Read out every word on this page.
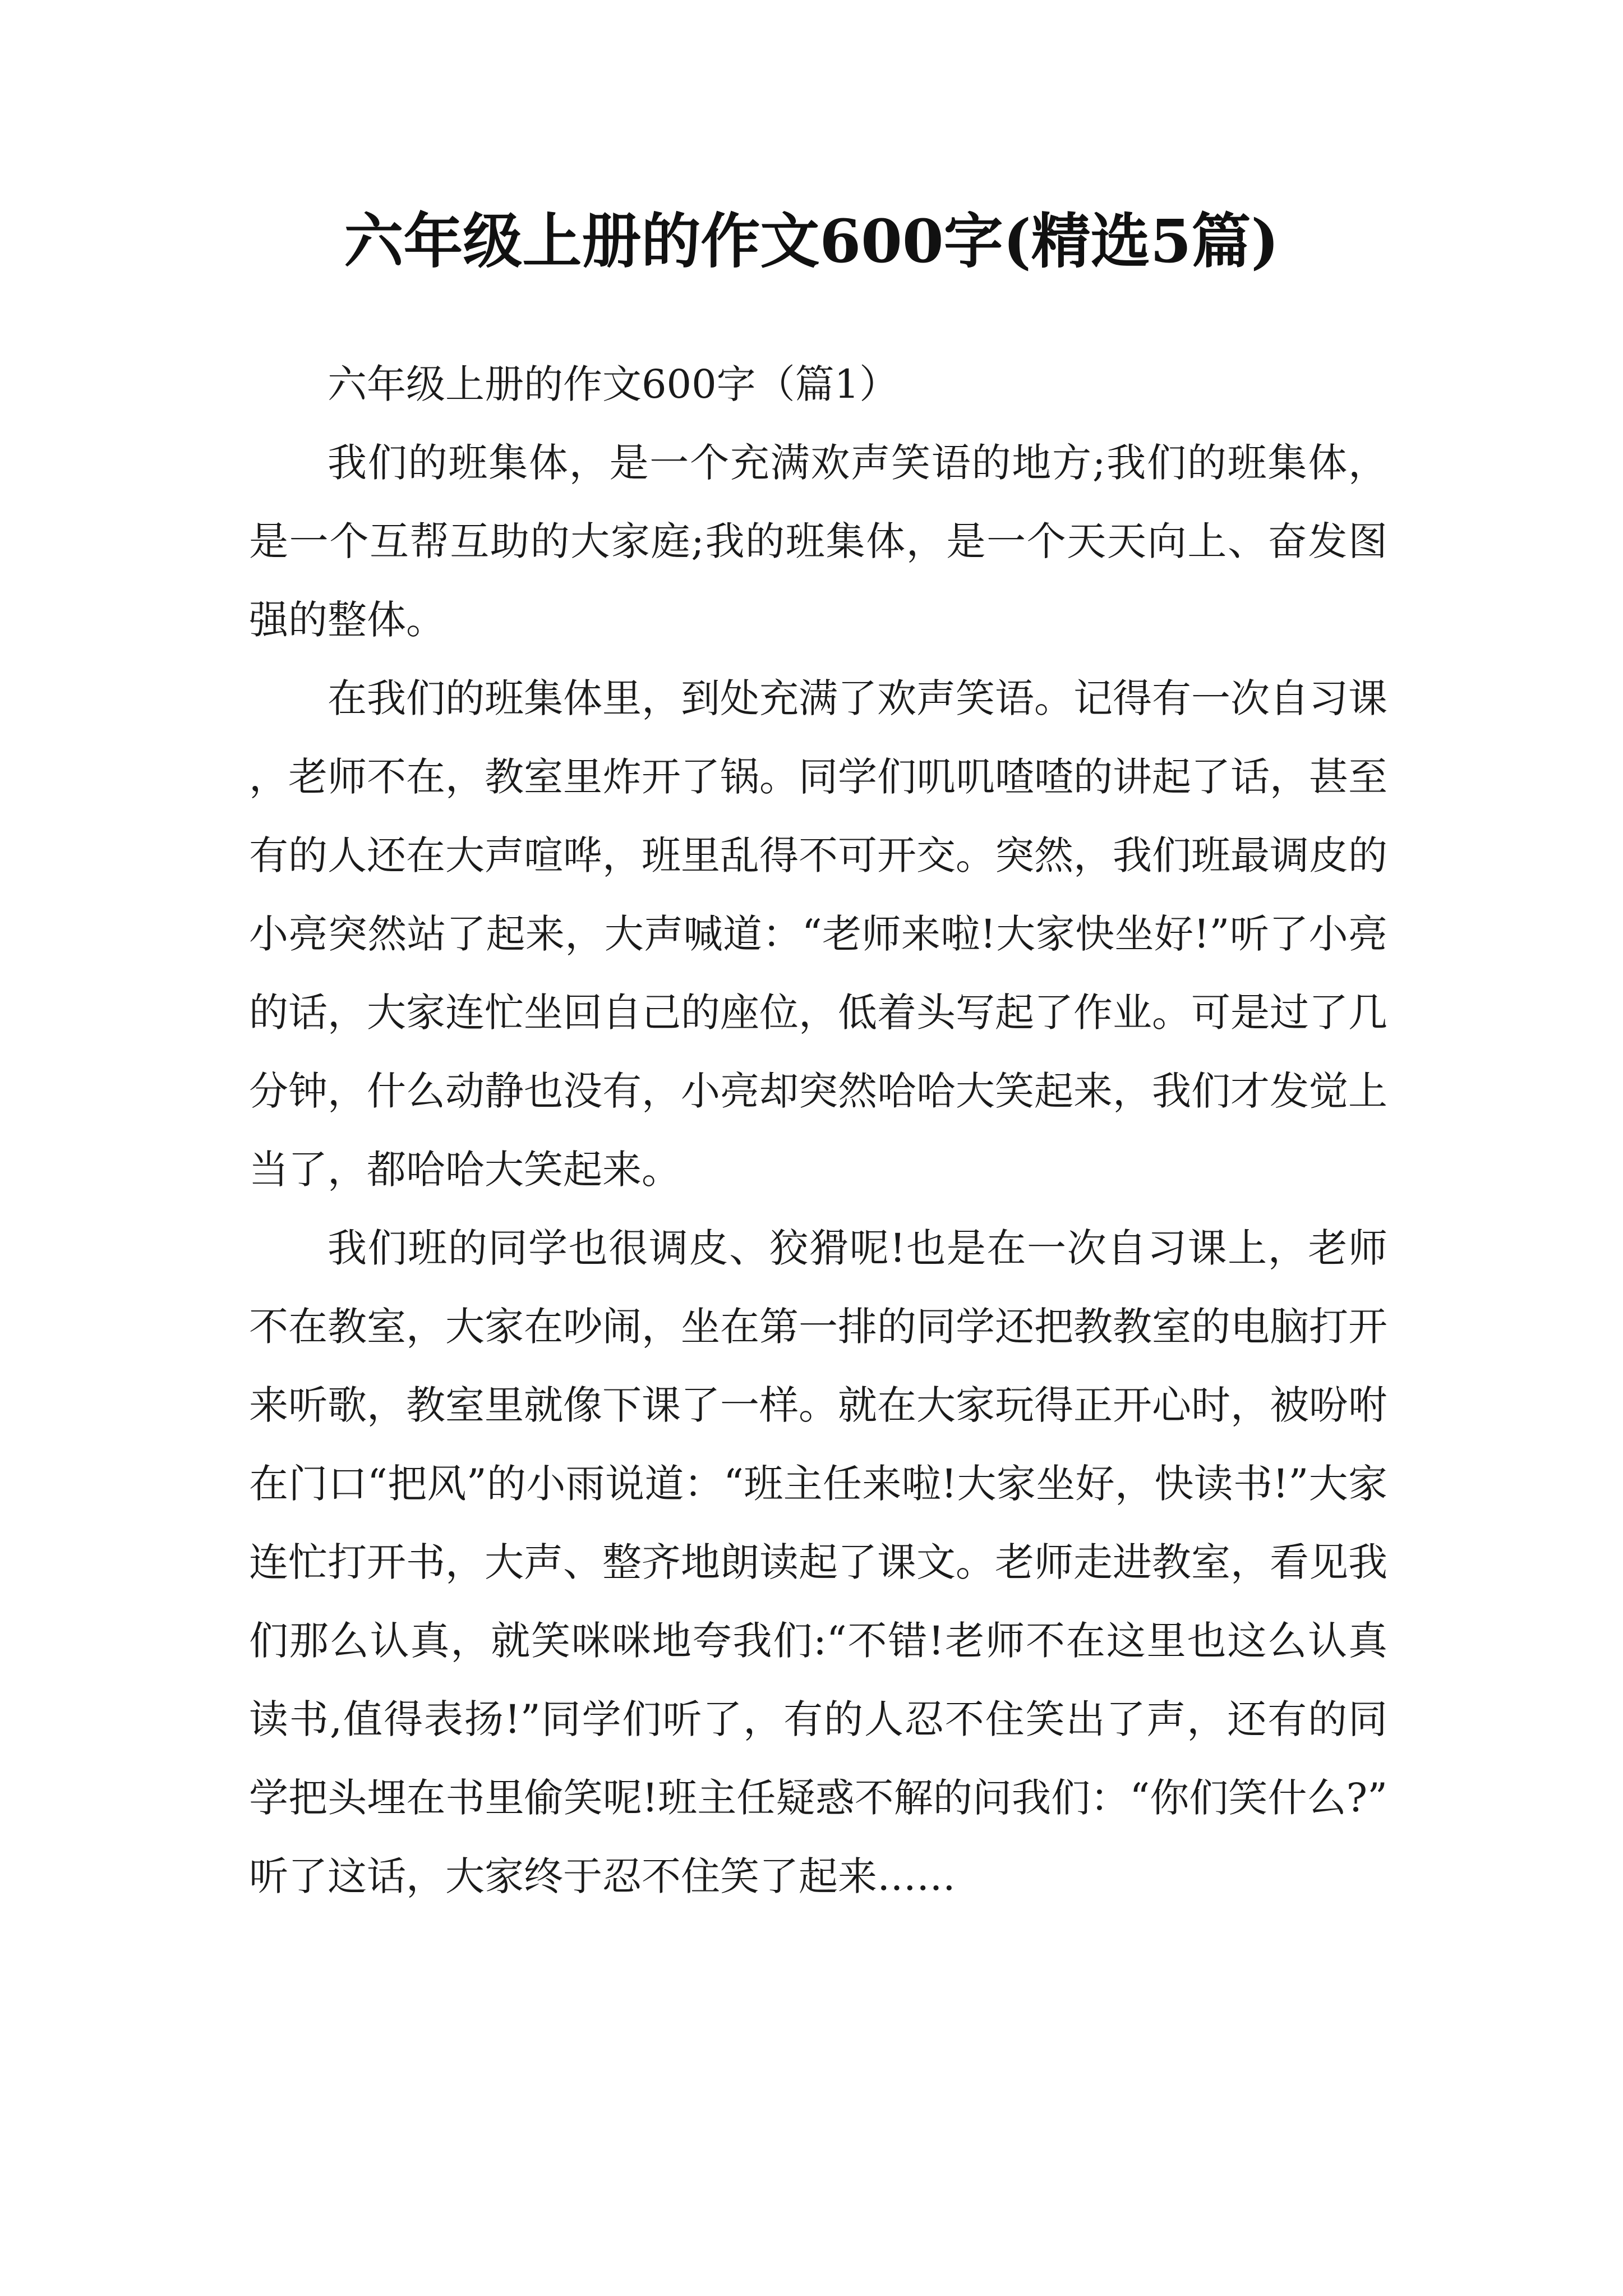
六年级上册的作文600字(精选5篇)

六年级上册的作文600字（篇1）

我们的班集体，是一个充满欢声笑语的地方;我们的班集体，是一个互帮互助的大家庭;我的班集体，是一个天天向上、奋发图强的整体。

在我们的班集体里，到处充满了欢声笑语。记得有一次自习课，老师不在，教室里炸开了锅。同学们叽叽喳喳的讲起了话，甚至有的人还在大声喧哗，班里乱得不可开交。突然，我们班最调皮的小亮突然站了起来，大声喊道：“老师来啦!大家快坐好!”听了小亮的话，大家连忙坐回自己的座位，低着头写起了作业。可是过了几分钟，什么动静也没有，小亮却突然哈哈大笑起来，我们才发觉上当了，都哈哈大笑起来。

我们班的同学也很调皮、狡猾呢!也是在一次自习课上，老师不在教室，大家在吵闹，坐在第一排的同学还把教教室的电脑打开来听歌，教室里就像下课了一样。就在大家玩得正开心时，被吩咐在门口“把风”的小雨说道：“班主任来啦!大家坐好，快读书!”大家连忙打开书，大声、整齐地朗读起了课文。老师走进教室，看见我们那么认真，就笑咪咪地夸我们:“不错!老师不在这里也这么认真读书,值得表扬!”同学们听了，有的人忍不住笑出了声，还有的同学把头埋在书里偷笑呢!班主任疑惑不解的问我们：“你们笑什么?”听了这话，大家终于忍不住笑了起来……
